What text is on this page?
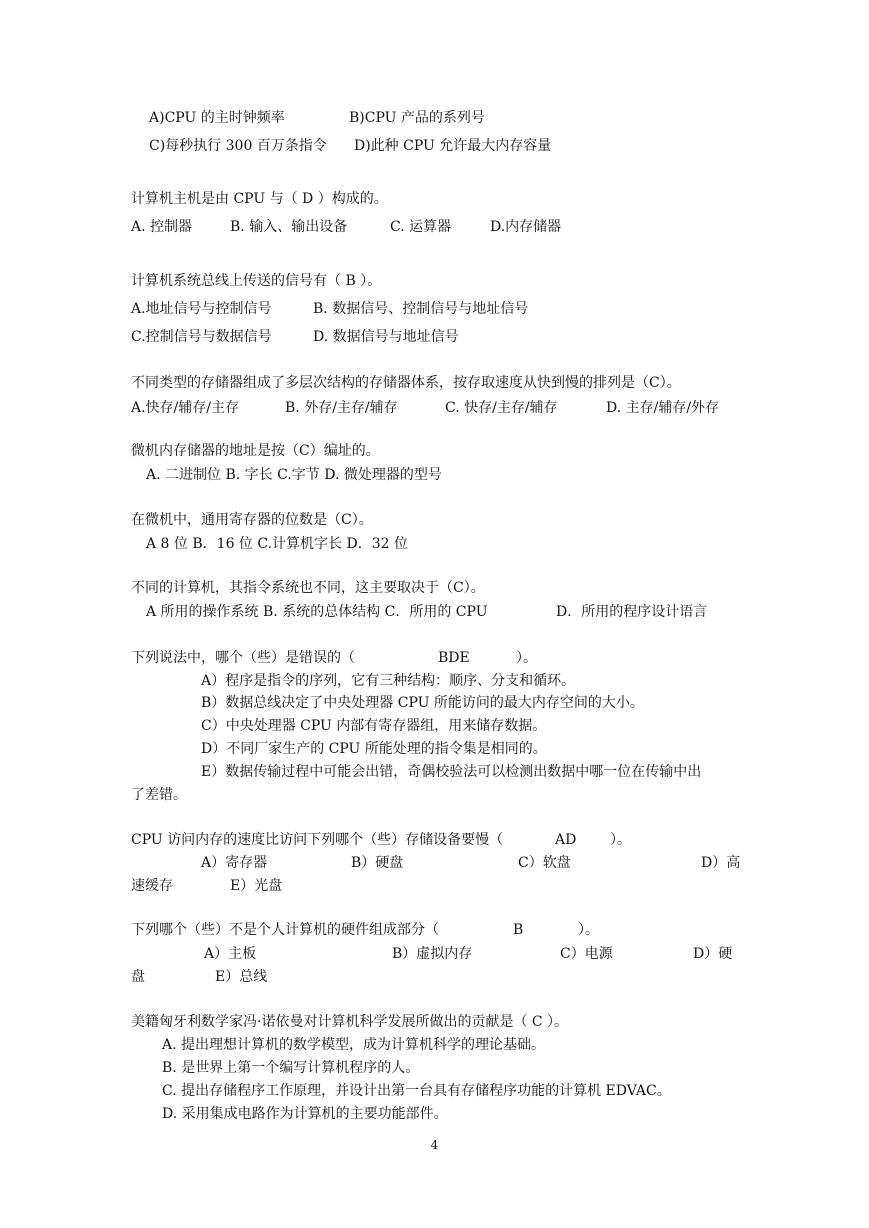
A)CPU 的主时钟频率	B)CPU 产品的系列号
C)每秒执行 300 百万条指令 D)此种 CPU 允许最大内存容量
计算机主机是由 CPU 与（ D ）构成的。
A. 控制器	B. 输入、输出设备	C. 运算器	D.内存储器
计算机系统总线上传送的信号有（ B ）。
A.地址信号与控制信号	B. 数据信号、控制信号与地址信号
C.控制信号与数据信号	D. 数据信号与地址信号
不同类型的存储器组成了多层次结构的存储器体系，按存取速度从快到慢的排列是（C）。
A.快存/辅存/主存	B. 外存/主存/辅存	C. 快存/主存/辅存	D. 主存/辅存/外存
微机内存储器的地址是按（C）编址的。
A. 二进制位 B. 字长 C.字节 D. 微处理器的型号
在微机中，通用寄存器的位数是（C）。
A 8 位 B．16 位 C.计算机字长 D．32 位
不同的计算机，其指令系统也不同，这主要取决于（C）。
A 所用的操作系统 B. 系统的总体结构 C．所用的 CPU	D．所用的程序设计语言
下列说法中，哪个（些）是错误的（	BDE	）。
A）程序是指令的序列，它有三种结构：顺序、分支和循环。
B）数据总线决定了中央处理器 CPU 所能访问的最大内存空间的大小。
C）中央处理器 CPU 内部有寄存器组，用来储存数据。
D）不同厂家生产的 CPU 所能处理的指令集是相同的。
E）数据传输过程中可能会出错，奇偶校验法可以检测出数据中哪一位在传输中出
了差错。
CPU 访问内存的速度比访问下列哪个（些）存储设备要慢（	AD ）。
A）寄存器	B）硬盘	C）软盘	D）高
速缓存	E）光盘
下列哪个（些）不是个人计算机的硬件组成部分（	B	）。
A）主板	B）虚拟内存	C）电源	D）硬
盘	E）总线
美籍匈牙利数学家冯·诺依曼对计算机科学发展所做出的贡献是（ C ）。
A. 提出理想计算机的数学模型，成为计算机科学的理论基础。
B. 是世界上第一个编写计算机程序的人。
C. 提出存储程序工作原理，并设计出第一台具有存储程序功能的计算机 EDVAC。
D. 采用集成电路作为计算机的主要功能部件。
4
